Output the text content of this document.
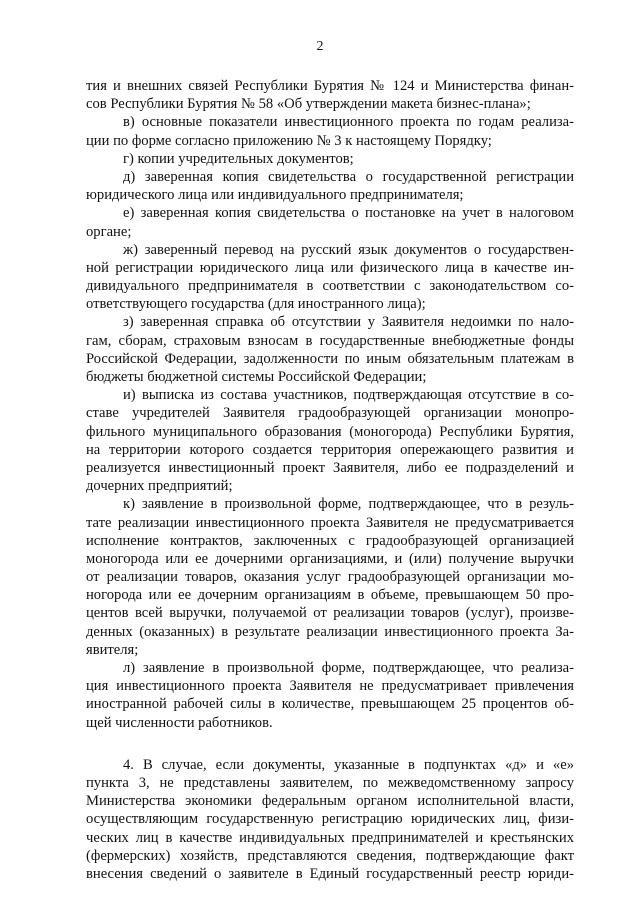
2
тия и внешних связей Республики Бурятия № 124 и Министерства финан-
сов Республики Бурятия № 58 «Об утверждении макета бизнес-плана»;
в) основные показатели инвестиционного проекта по годам реализа-
ции по форме согласно приложению № 3 к настоящему Порядку;
г) копии учредительных документов;
д) заверенная копия свидетельства о государственной регистрации
юридического лица или индивидуального предпринимателя;
е) заверенная копия свидетельства о постановке на учет в налоговом
органе;
ж) заверенный перевод на русский язык документов о государствен-
ной регистрации юридического лица или физического лица в качестве ин-
дивидуального предпринимателя в соответствии с законодательством со-
ответствующего государства (для иностранного лица);
з) заверенная справка об отсутствии у Заявителя недоимки по нало-
гам, сборам, страховым взносам в государственные внебюджетные фонды
Российской Федерации, задолженности по иным обязательным платежам в
бюджеты бюджетной системы Российской Федерации;
и) выписка из состава участников, подтверждающая отсутствие в со-
ставе учредителей Заявителя градообразующей организации монопро-
фильного муниципального образования (моногорода) Республики Бурятия,
на территории которого создается территория опережающего развития и
реализуется инвестиционный проект Заявителя, либо ее подразделений и
дочерних предприятий;
к) заявление в произвольной форме, подтверждающее, что в резуль-
тате реализации инвестиционного проекта Заявителя не предусматривается
исполнение контрактов, заключенных с градообразующей организацией
моногорода или ее дочерними организациями, и (или) получение выручки
от реализации товаров, оказания услуг градообразующей организации мо-
ногорода или ее дочерним организациям в объеме, превышающем 50 про-
центов всей выручки, получаемой от реализации товаров (услуг), произве-
денных (оказанных) в результате реализации инвестиционного проекта За-
явителя;
л) заявление в произвольной форме, подтверждающее, что реализа-
ция инвестиционного проекта Заявителя не предусматривает привлечения
иностранной рабочей силы в количестве, превышающем 25 процентов об-
щей численности работников.
4. В случае, если документы, указанные в подпунктах «д» и «е»
пункта 3, не представлены заявителем, по межведомственному запросу
Министерства экономики федеральным органом исполнительной власти,
осуществляющим государственную регистрацию юридических лиц, физи-
ческих лиц в качестве индивидуальных предпринимателей и крестьянских
(фермерских) хозяйств, представляются сведения, подтверждающие факт
внесения сведений о заявителе в Единый государственный реестр юриди-
